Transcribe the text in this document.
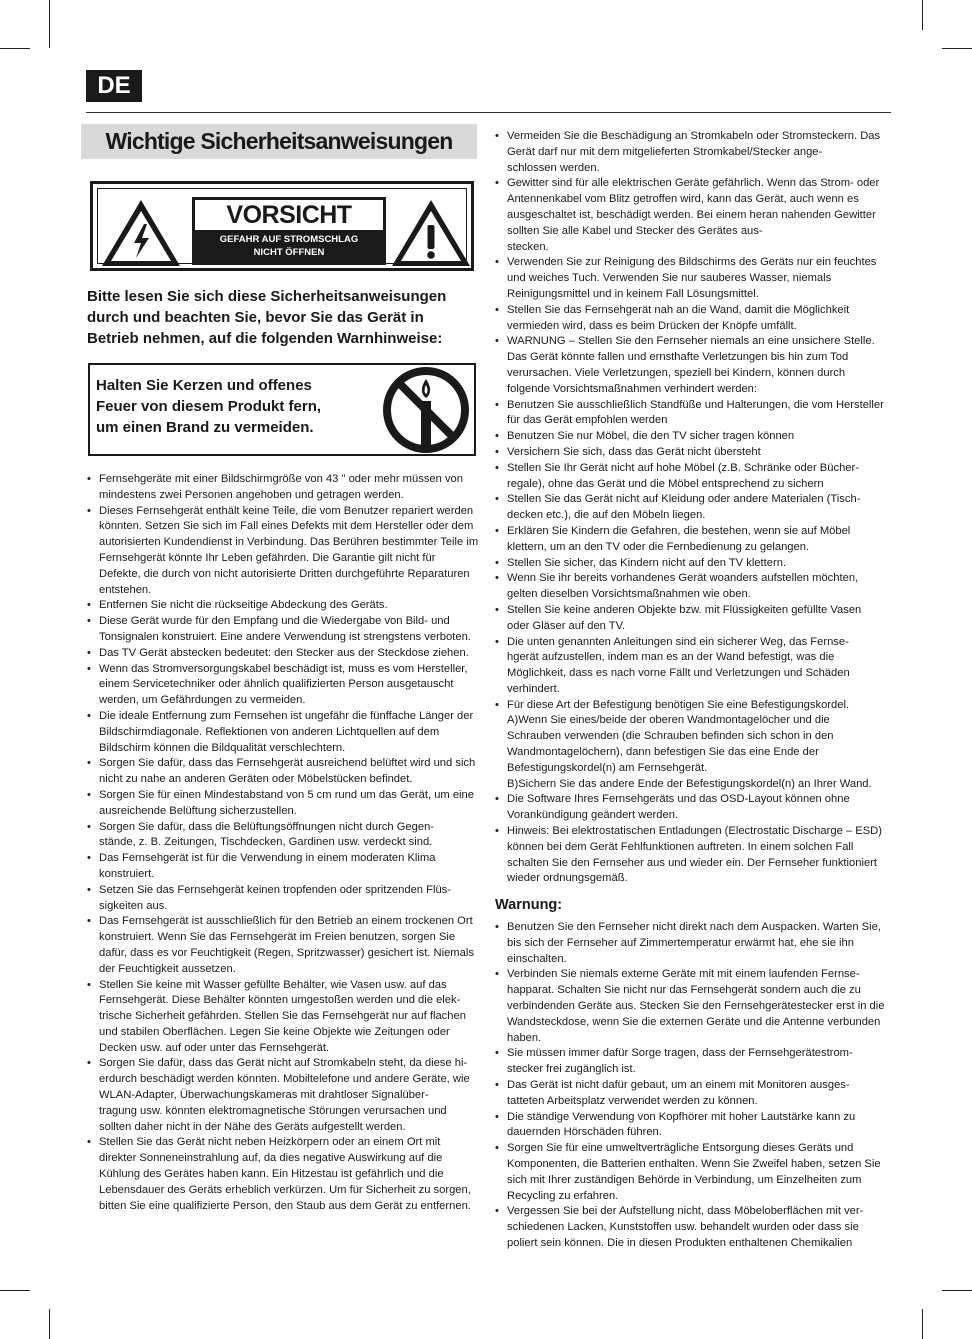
DE
Wichtige Sicherheitsanweisungen
VORSICHT
GEFAHR AUF STROMSCHLAG
NICHT ÖFFNEN

Bitte lesen Sie sich diese Sicherheitsanweisungen durch und beachten Sie, bevor Sie das Gerät in Betrieb nehmen, auf die folgenden Warnhinweise:

Halten Sie Kerzen und offenes Feuer von diesem Produkt fern, um einen Brand zu vermeiden.

• Fernsehgeräte mit einer Bildschirmgröße von 43 " oder mehr müssen von mindestens zwei Personen angehoben und getragen werden.
• Dieses Fernsehgerät enthält keine Teile, die vom Benutzer repariert werden könnten. Setzen Sie sich im Fall eines Defekts mit dem Hersteller oder dem autorisierten Kundendienst in Verbindung. Das Berühren bestimmter Teile im Fernsehgerät könnte Ihr Leben gefährden. Die Garantie gilt nicht für Defekte, die durch von nicht autorisierte Dritten durchgeführte Reparaturen entstehen.
• Entfernen Sie nicht die rückseitige Abdeckung des Geräts.
• Diese Gerät wurde für den Empfang und die Wiedergabe von Bild- und Tonsignalen konstruiert. Eine andere Verwendung ist strengstens verboten.
• Das TV Gerät abstecken bedeutet: den Stecker aus der Steckdose ziehen.
• Wenn das Stromversorgungskabel beschädigt ist, muss es vom Hersteller, einem Servicetechniker oder ähnlich qualifizierten Person ausgetauscht werden, um Gefährdungen zu vermeiden.
• Die ideale Entfernung zum Fernsehen ist ungefähr die fünffache Länger der Bildschirmdiagonale. Reflektionen von anderen Lichtquellen auf dem Bildschirm können die Bildqualität verschlechtern.
• Sorgen Sie dafür, dass das Fernsehgerät ausreichend belüftet wird und sich nicht zu nahe an anderen Geräten oder Möbelstücken befindet.
• Sorgen Sie für einen Mindestabstand von 5 cm rund um das Gerät, um eine ausreichende Belüftung sicherzustellen.
• Sorgen Sie dafür, dass die Belüftungsöffnungen nicht durch Gegen-
stände, z. B. Zeitungen, Tischdecken, Gardinen usw. verdeckt sind.
• Das Fernsehgerät ist für die Verwendung in einem moderaten Klima konstruiert.
• Setzen Sie das Fernsehgerät keinen tropfenden oder spritzenden Flüs-
sigkeiten aus.
• Das Fernsehgerät ist ausschließlich für den Betrieb an einem trockenen Ort konstruiert. Wenn Sie das Fernsehgerät im Freien benutzen, sorgen Sie dafür, dass es vor Feuchtigkeit (Regen, Spritzwasser) gesichert ist. Niemals der Feuchtigkeit aussetzen.
• Stellen Sie keine mit Wasser gefüllte Behälter, wie Vasen usw. auf das Fernsehgerät. Diese Behälter könnten umgestoßen werden und die elek-
trische Sicherheit gefährden. Stellen Sie das Fernsehgerät nur auf flachen und stabilen Oberflächen. Legen Sie keine Objekte wie Zeitungen oder Decken usw. auf oder unter das Fernsehgerät.
• Sorgen Sie dafür, dass das Gerät nicht auf Stromkabeln steht, da diese hi-
erdurch beschädigt werden könnten. Mobiltelefone und andere Geräte, wie WLAN-Adapter, Überwachungskameras mit drahtloser Signalüber-
tragung usw. könnten elektromagnetische Störungen verursachen und sollten daher nicht in der Nähe des Geräts aufgestellt werden.
• Stellen Sie das Gerät nicht neben Heizkörpern oder an einem Ort mit direkter Sonneneinstrahlung auf, da dies negative Auswirkung auf die Kühlung des Gerätes haben kann. Ein Hitzestau ist gefährlich und die Lebensdauer des Geräts erheblich verkürzen. Um für Sicherheit zu sorgen, bitten Sie eine qualifizierte Person, den Staub aus dem Gerät zu entfernen.
• Vermeiden Sie die Beschädigung an Stromkabeln oder Stromsteckern. Das Gerät darf nur mit dem mitgelieferten Stromkabel/Stecker ange-
schlossen werden.
• Gewitter sind für alle elektrischen Geräte gefährlich. Wenn das Strom- oder Antennenkabel vom Blitz getroffen wird, kann das Gerät, auch wenn es ausgeschaltet ist, beschädigt werden. Bei einem heran nahenden Gewitter sollten Sie alle Kabel und Stecker des Gerätes aus-
stecken.
• Verwenden Sie zur Reinigung des Bildschirms des Geräts nur ein feuchtes und weiches Tuch. Verwenden Sie nur sauberes Wasser, niemals Reinigungsmittel und in keinem Fall Lösungsmittel.
• Stellen Sie das Fernsehgerät nah an die Wand, damit die Möglichkeit vermieden wird, dass es beim Drücken der Knöpfe umfällt.
• WARNUNG – Stellen Sie den Fernseher niemals an eine unsichere Stelle. Das Gerät könnte fallen und ernsthafte Verletzungen bis hin zum Tod verursachen. Viele Verletzungen, speziell bei Kindern, können durch folgende Vorsichtsmaßnahmen verhindert werden:
• Benutzen Sie ausschließlich Standfüße und Halterungen, die vom Hersteller für das Gerät empfohlen werden
• Benutzen Sie nur Möbel, die den TV sicher tragen können
• Versichern Sie sich, dass das Gerät nicht übersteht
• Stellen Sie Ihr Gerät nicht auf hohe Möbel (z.B. Schränke oder Bücher-
regale), ohne das Gerät und die Möbel entsprechend zu sichern
• Stellen Sie das Gerät nicht auf Kleidung oder andere Materialen (Tisch-
decken etc.), die auf den Möbeln liegen.
• Erklären Sie Kindern die Gefahren, die bestehen, wenn sie auf Möbel klettern, um an den TV oder die Fernbedienung zu gelangen.
• Stellen Sie sicher, das Kindern nicht auf den TV klettern.
• Wenn Sie ihr bereits vorhandenes Gerät woanders aufstellen möchten, gelten dieselben Vorsichtsmaßnahmen wie oben.
• Stellen Sie keine anderen Objekte bzw. mit Flüssigkeiten gefüllte Vasen oder Gläser auf den TV.
• Die unten genannten Anleitungen sind ein sicherer Weg, das Fernse-
hgerät aufzustellen, indem man es an der Wand befestigt, was die Möglichkeit, dass es nach vorne Fällt und Verletzungen und Schäden verhindert.
• Für diese Art der Befestigung benötigen Sie eine Befestigungskordel.
A)Wenn Sie eines/beide der oberen Wandmontagelöcher und die Schrauben verwenden (die Schrauben befinden sich schon in den Wandmontagelöchern), dann befestigen Sie das eine Ende der Befestigungskordel(n) am Fernsehgerät.
B)Sichern Sie das andere Ende der Befestigungskordel(n) an Ihrer Wand.
• Die Software Ihres Fernsehgeräts und das OSD-Layout können ohne Vorankündigung geändert werden.
• Hinweis: Bei elektrostatischen Entladungen (Electrostatic Discharge – ESD) können bei dem Gerät Fehlfunktionen auftreten. In einem solchen Fall schalten Sie den Fernseher aus und wieder ein. Der Fernseher funktioniert wieder ordnungsgemäß.
Warnung:
• Benutzen Sie den Fernseher nicht direkt nach dem Auspacken. Warten Sie, bis sich der Fernseher auf Zimmertemperatur erwärmt hat, ehe sie ihn einschalten.
• Verbinden Sie niemals externe Geräte mit mit einem laufenden Fernse-
happarat. Schalten Sie nicht nur das Fernsehgerät sondern auch die zu verbindenden Geräte aus. Stecken Sie den Fernsehgerätestecker erst in die Wandsteckdose, wenn Sie die externen Geräte und die Antenne verbunden haben.
• Sie müssen immer dafür Sorge tragen, dass der Fernsehgerätestrom-
stecker frei zugänglich ist.
• Das Gerät ist nicht dafür gebaut, um an einem mit Monitoren ausges-
tatteten Arbeitsplatz verwendet werden zu können.
• Die ständige Verwendung von Kopfhörer mit hoher Lautstärke kann zu dauernden Hörschäden führen.
• Sorgen Sie für eine umweltverträgliche Entsorgung dieses Geräts und Komponenten, die Batterien enthalten. Wenn Sie Zweifel haben, setzen Sie sich mit Ihrer zuständigen Behörde in Verbindung, um Einzelheiten zum Recycling zu erfahren.
• Vergessen Sie bei der Aufstellung nicht, dass Möbeloberflächen mit ver-
schiedenen Lacken, Kunststoffen usw. behandelt wurden oder dass sie poliert sein können. Die in diesen Produkten enthaltenen Chemikalien
